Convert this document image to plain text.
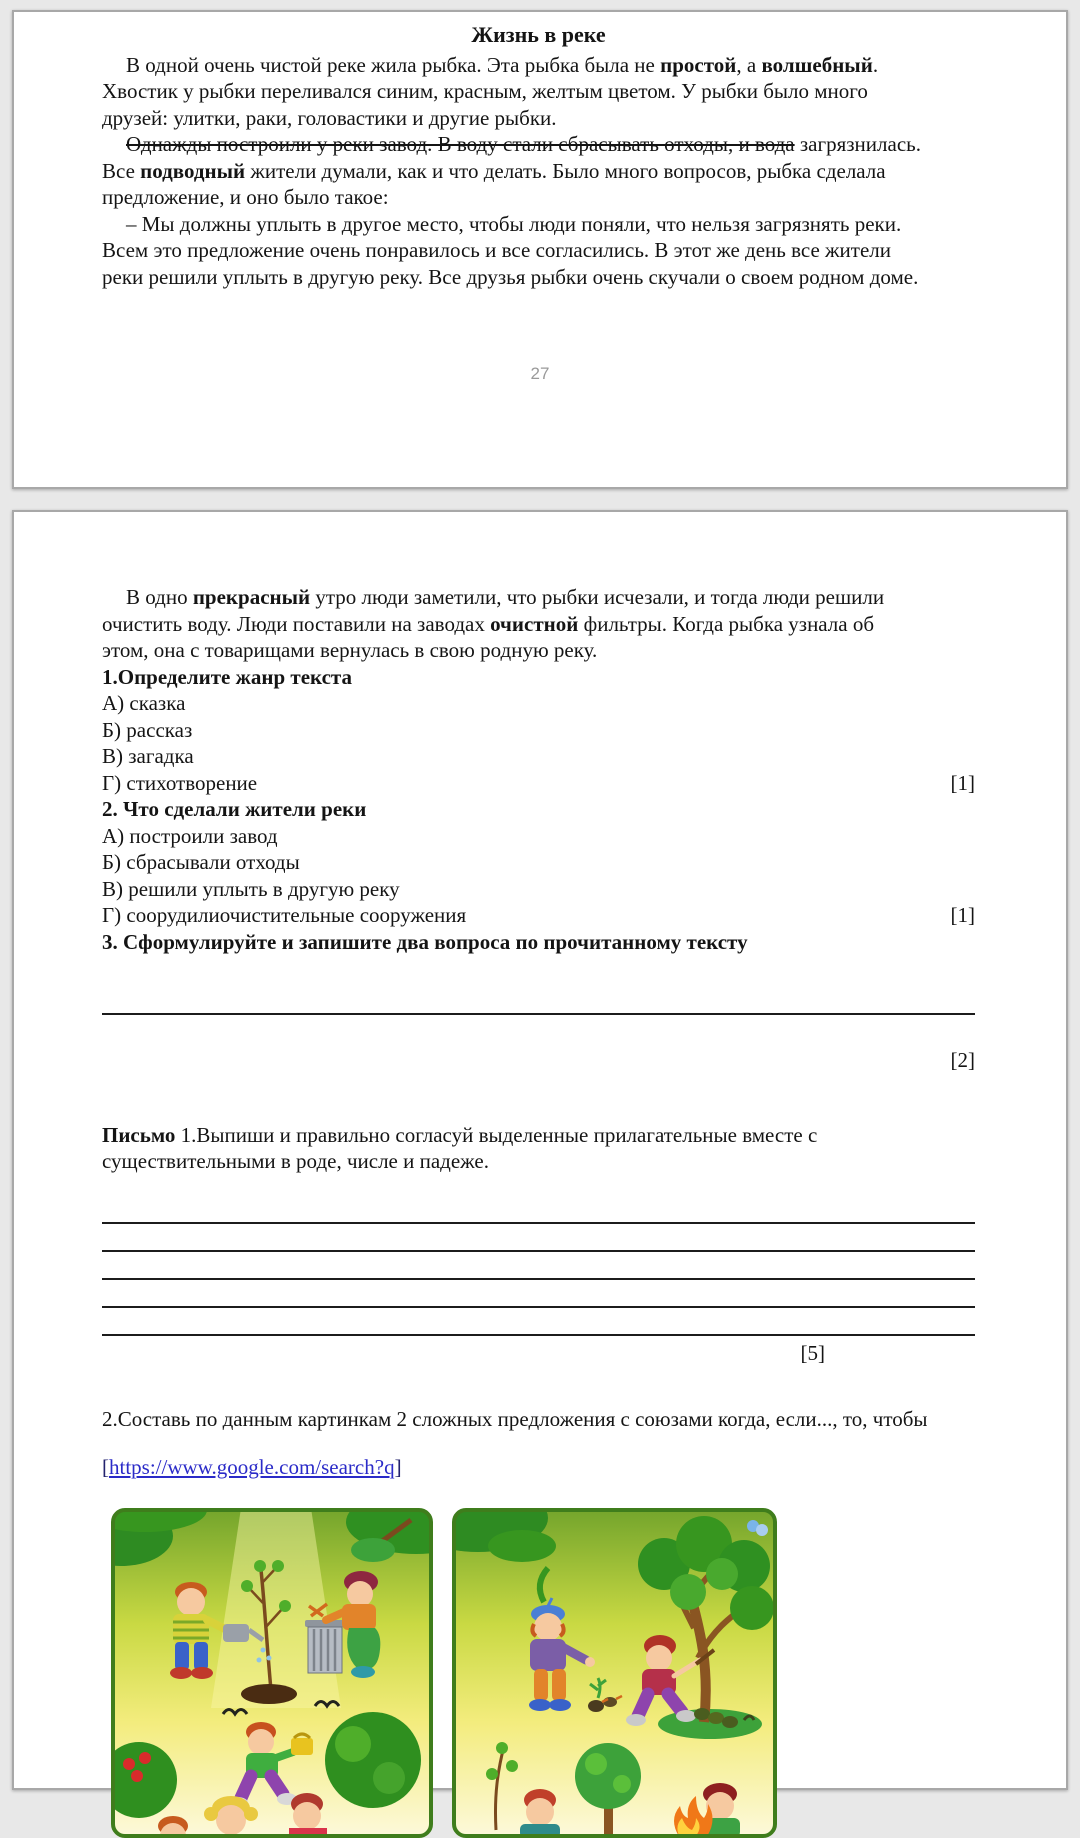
Жизнь в реке

В одной очень чистой реке жила рыбка. Эта рыбка была не простой, а волшебный. Хвостик у рыбки переливался синим, красным, желтым цветом. У рыбки было много друзей: улитки, раки, головастики и другие рыбки.

Однажды построили у реки завод. В воду стали сбрасывать отходы, и вода загрязнилась. Все подводный жители думали, как и что делать. Было много вопросов, рыбка сделала предложение, и оно было такое:

– Мы должны уплыть в другое место, чтобы люди поняли, что нельзя загрязнять реки.

Всем это предложение очень понравилось и все согласились. В этот же день все жители реки решили уплыть в другую реку. Все друзья рыбки очень скучали о своем родном доме.

27

В одно прекрасный утро люди заметили, что рыбки исчезали, и тогда люди решили очистить воду. Люди поставили на заводах очистной фильтры. Когда рыбка узнала об этом, она с товарищами вернулась в свою родную реку.

1.Определите жанр текста

А) сказка

Б) рассказ

В) загадка

Г) стихотворение	[1]

2. Что сделали жители реки

А) построили завод

Б) сбрасывали отходы

В) решили уплыть в другую реку

Г) соорудилиочистительные сооружения	[1]

3. Сформулируйте и запишите два вопроса по прочитанному тексту

[2]

Письмо 1.Выпиши и правильно согласуй выделенные прилагательные вместе с существительными в роде, числе и падеже.

[5]

2.Составь по данным картинкам 2 сложных предложения с союзами когда, если..., то, чтобы

[https://www.google.com/search?q]
